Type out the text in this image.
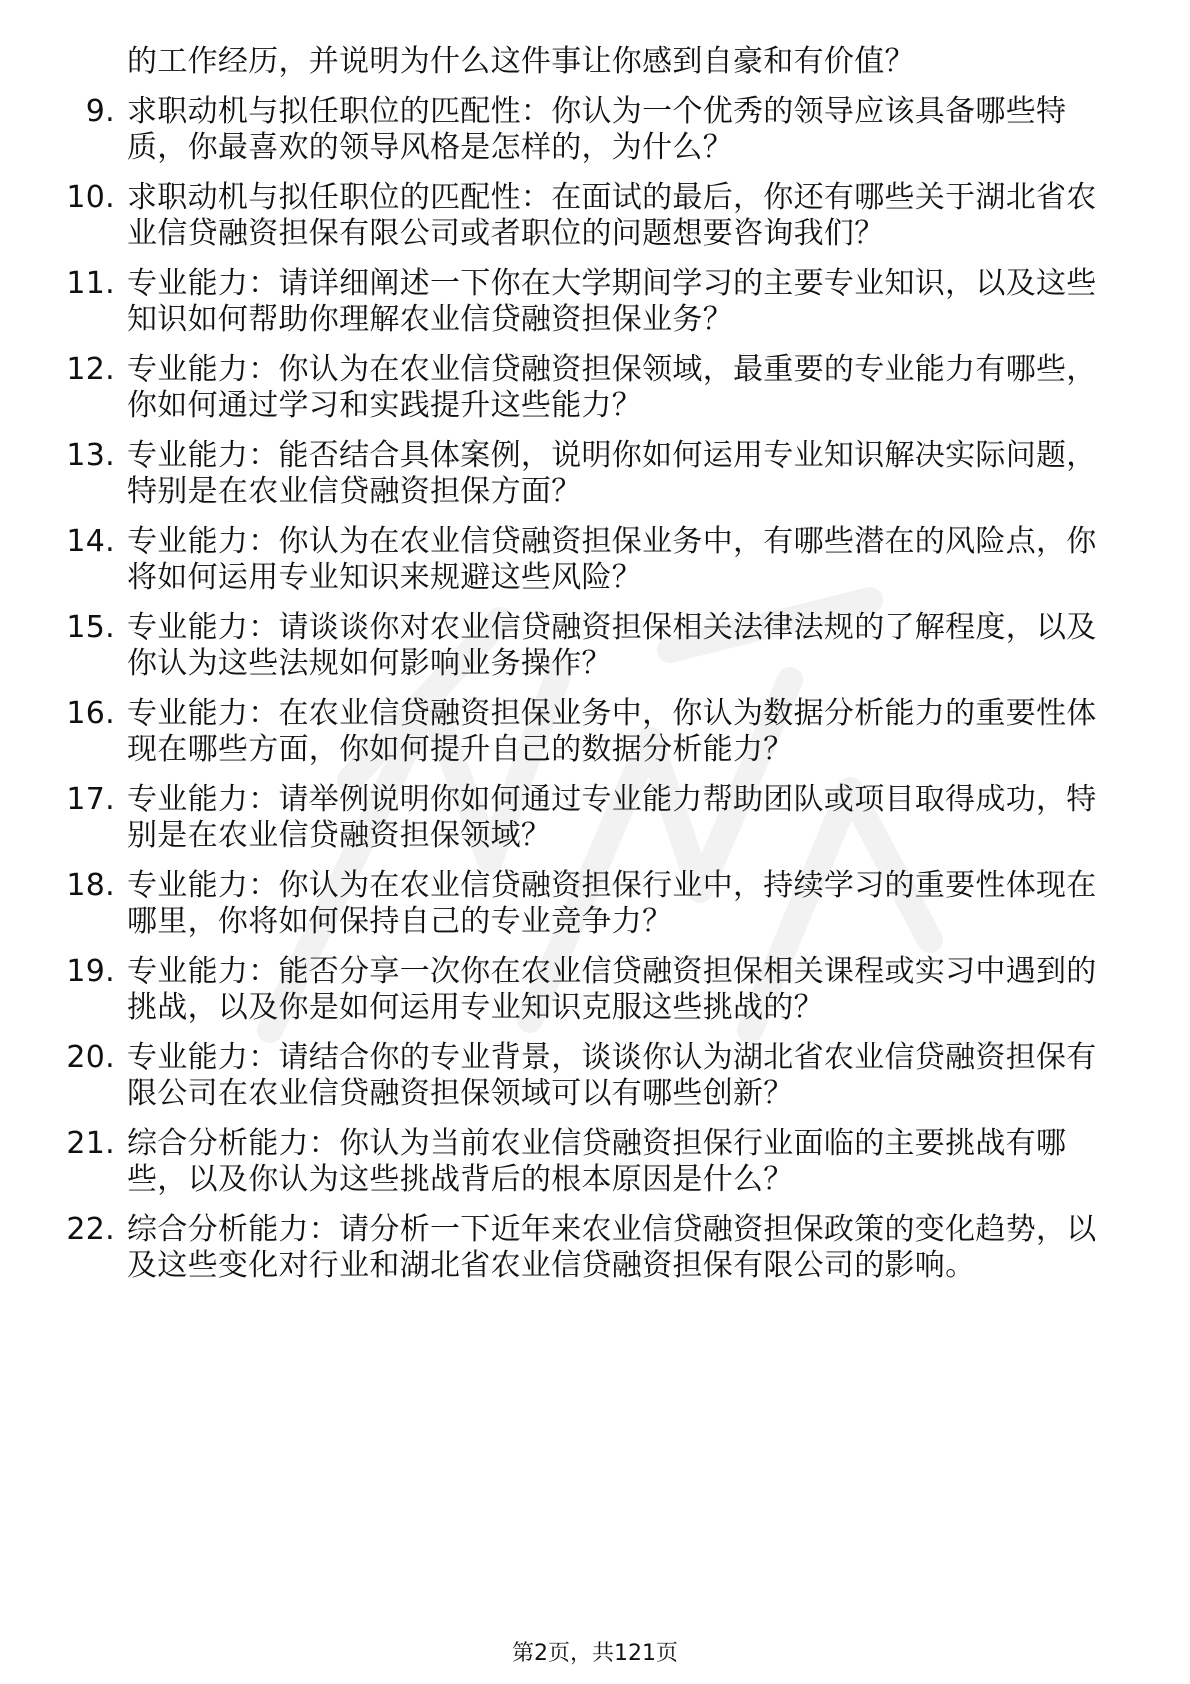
的工作经历，并说明为什么这件事让你感到自豪和有价值？
9. 求职动机与拟任职位的匹配性：你认为一个优秀的领导应该具备哪些特质，你最喜欢的领导风格是怎样的，为什么？
10. 求职动机与拟任职位的匹配性：在面试的最后，你还有哪些关于湖北省农业信贷融资担保有限公司或者职位的问题想要咨询我们？
11. 专业能力：请详细阐述一下你在大学期间学习的主要专业知识，以及这些知识如何帮助你理解农业信贷融资担保业务？
12. 专业能力：你认为在农业信贷融资担保领域，最重要的专业能力有哪些，你如何通过学习和实践提升这些能力？
13. 专业能力：能否结合具体案例，说明你如何运用专业知识解决实际问题，特别是在农业信贷融资担保方面？
14. 专业能力：你认为在农业信贷融资担保业务中，有哪些潜在的风险点，你将如何运用专业知识来规避这些风险？
15. 专业能力：请谈谈你对农业信贷融资担保相关法律法规的了解程度，以及你认为这些法规如何影响业务操作？
16. 专业能力：在农业信贷融资担保业务中，你认为数据分析能力的重要性体现在哪些方面，你如何提升自己的数据分析能力？
17. 专业能力：请举例说明你如何通过专业能力帮助团队或项目取得成功，特别是在农业信贷融资担保领域？
18. 专业能力：你认为在农业信贷融资担保行业中，持续学习的重要性体现在哪里，你将如何保持自己的专业竞争力？
19. 专业能力：能否分享一次你在农业信贷融资担保相关课程或实习中遇到的挑战，以及你是如何运用专业知识克服这些挑战的？
20. 专业能力：请结合你的专业背景，谈谈你认为湖北省农业信贷融资担保有限公司在农业信贷融资担保领域可以有哪些创新？
21. 综合分析能力：你认为当前农业信贷融资担保行业面临的主要挑战有哪些，以及你认为这些挑战背后的根本原因是什么？
22. 综合分析能力：请分析一下近年来农业信贷融资担保政策的变化趋势，以及这些变化对行业和湖北省农业信贷融资担保有限公司的影响。
第2页，共121页
